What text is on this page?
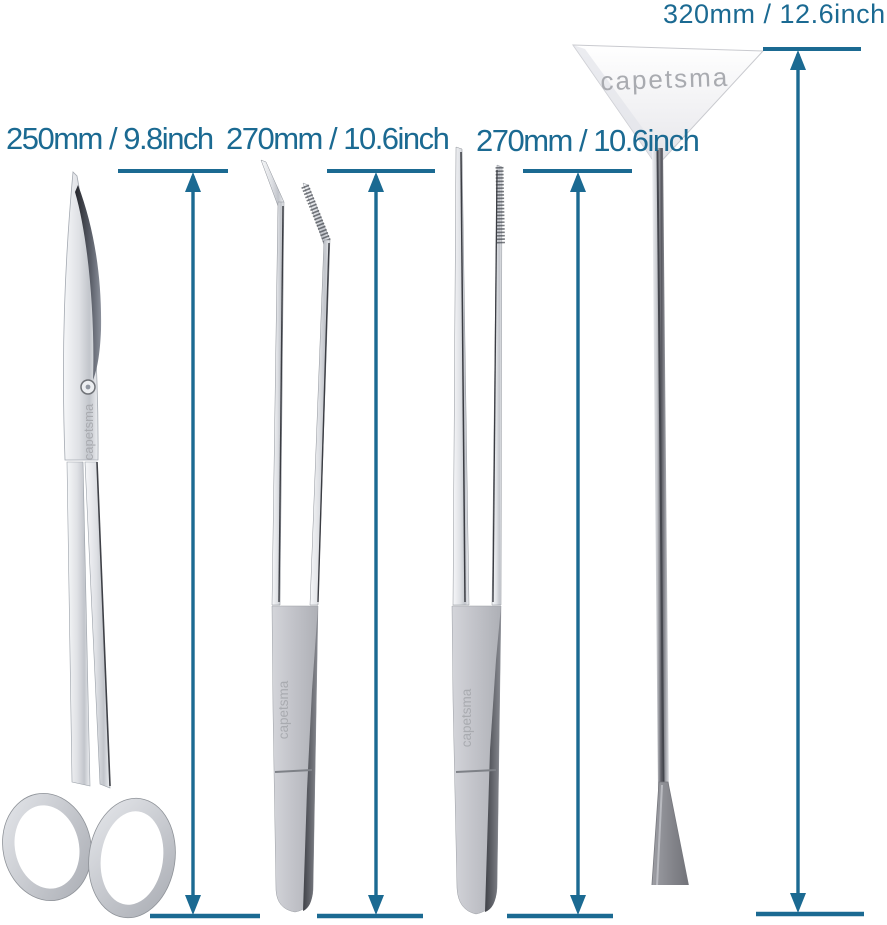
capetsma
capetsma	capetsma
capetsma
250mm / 9.8inch 270mm / 10.6inch 270mm / 10.6inch
320mm / 12.6inch
